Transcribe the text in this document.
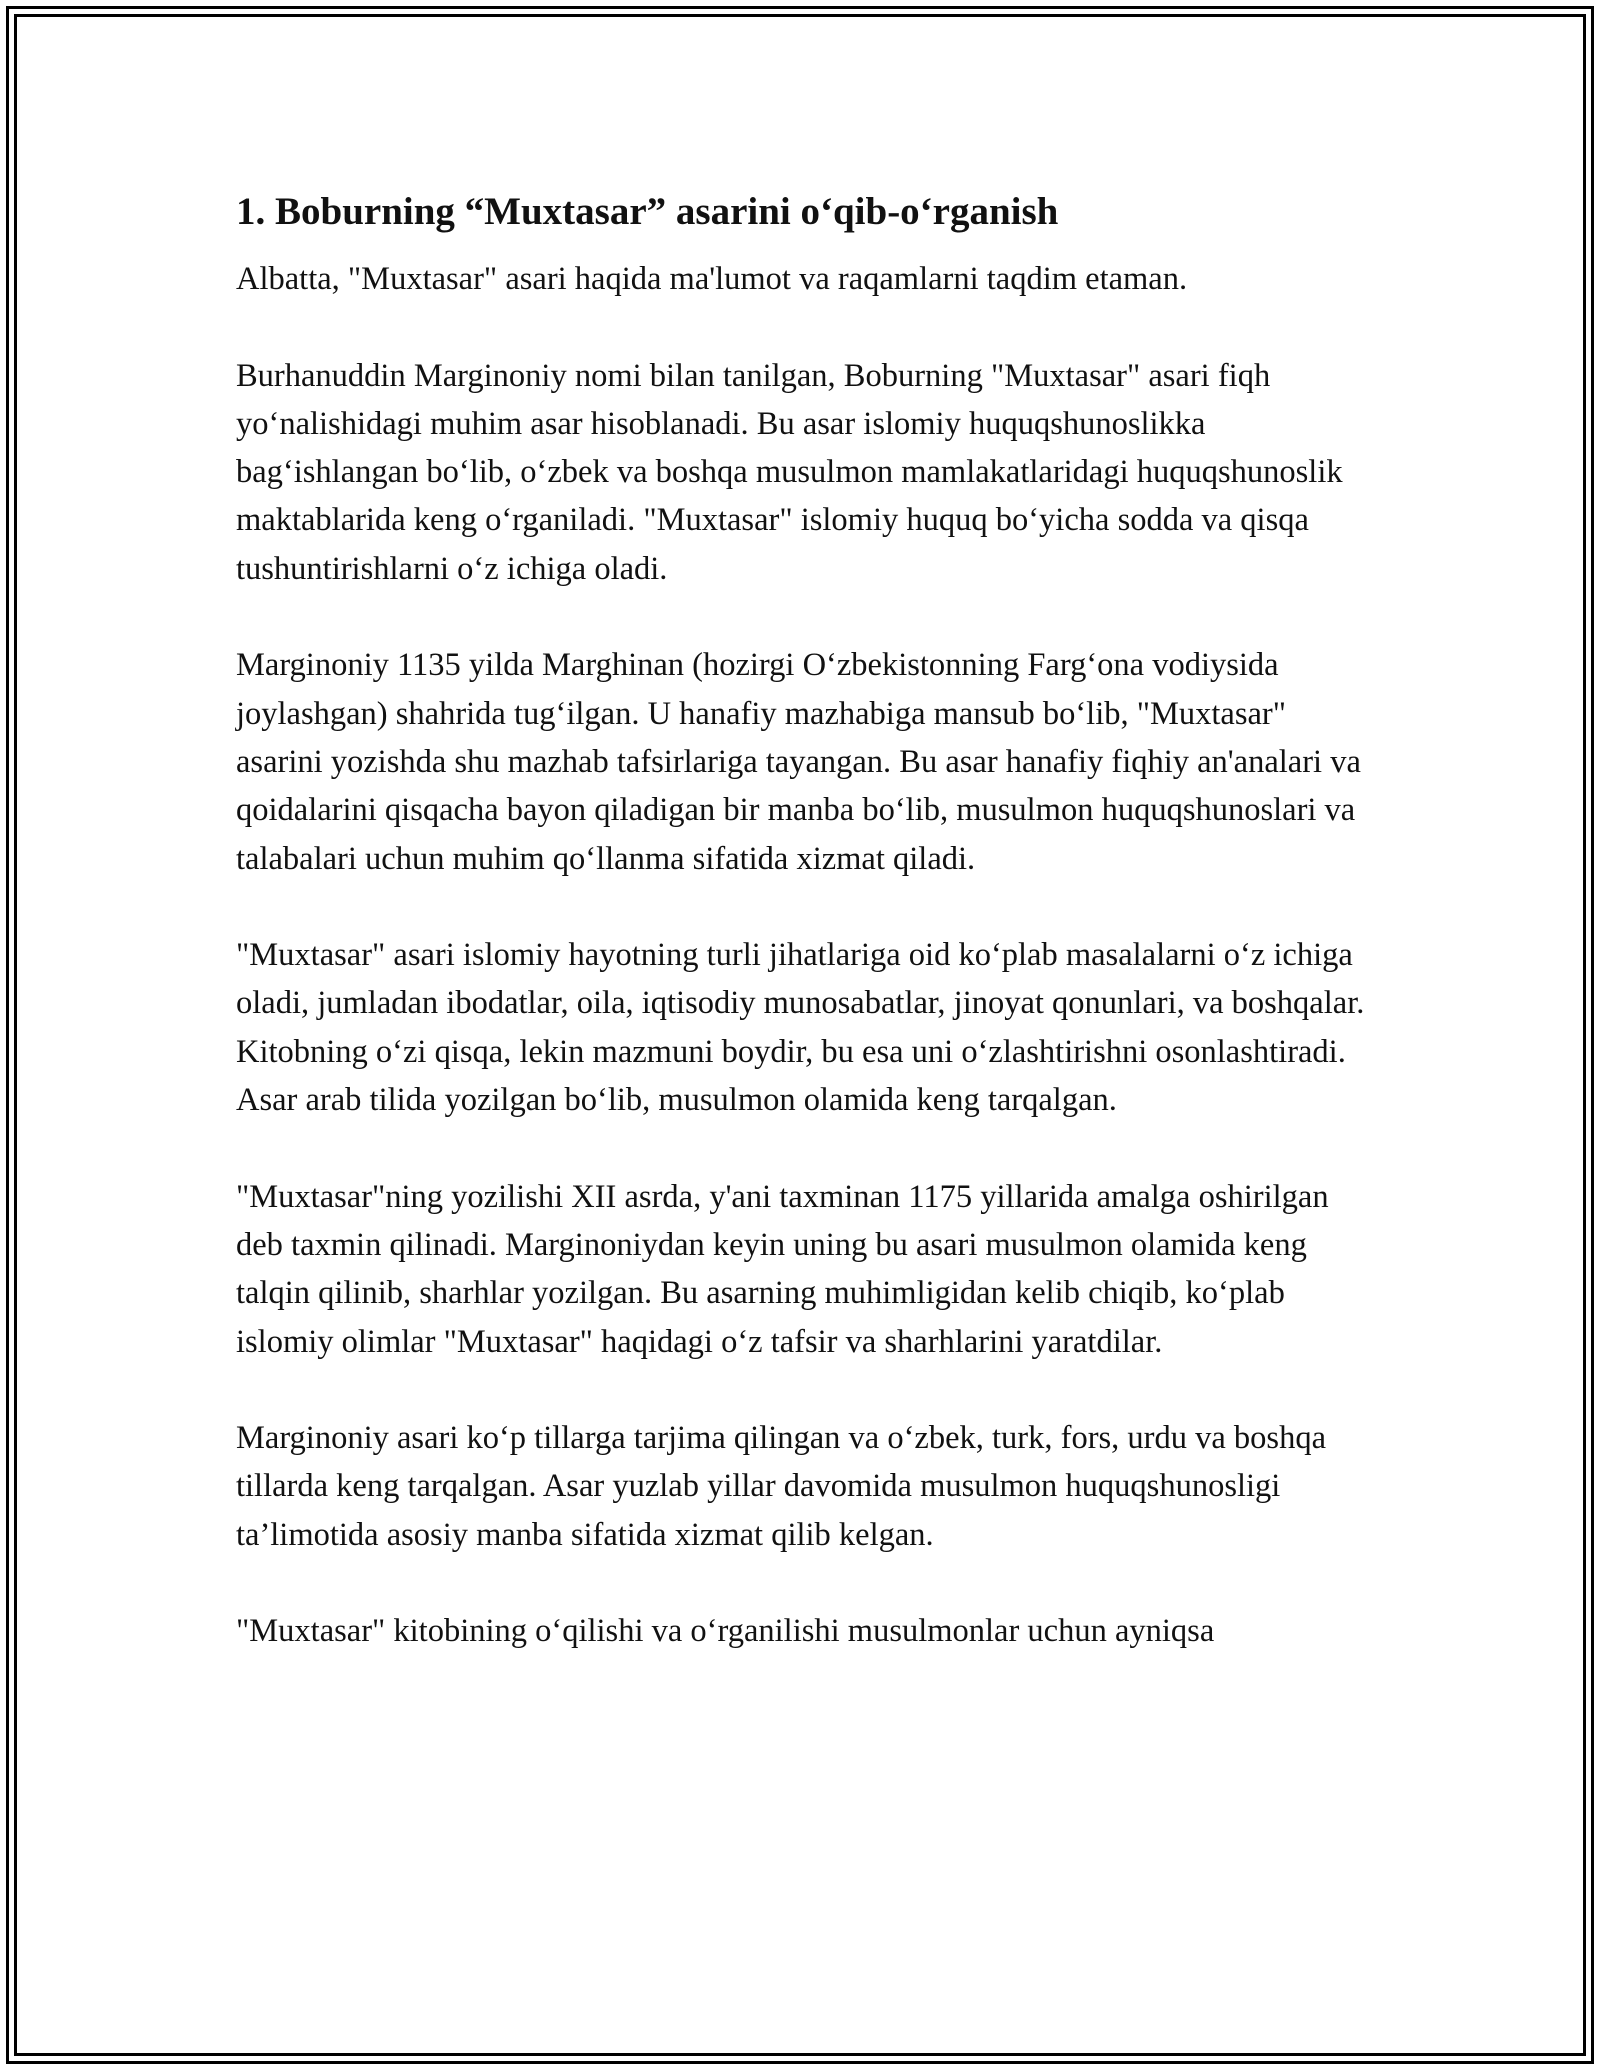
1. Boburning “Muxtasar” asarini o‘qib-o‘rganish

Albatta, "Muxtasar" asari haqida ma'lumot va raqamlarni taqdim etaman.

Burhanuddin Marginoniy nomi bilan tanilgan, Boburning "Muxtasar" asari fiqh yo‘nalishidagi muhim asar hisoblanadi. Bu asar islomiy huquqshunoslikka bag‘ishlangan bo‘lib, o‘zbek va boshqa musulmon mamlakatlaridagi huquqshunoslik maktablarida keng o‘rganiladi. "Muxtasar" islomiy huquq bo‘yicha sodda va qisqa tushuntirishlarni o‘z ichiga oladi.

Marginoniy 1135 yilda Marghinan (hozirgi O‘zbekistonning Farg‘ona vodiysida joylashgan) shahrida tug‘ilgan. U hanafiy mazhabiga mansub bo‘lib, "Muxtasar" asarini yozishda shu mazhab tafsirlariga tayangan. Bu asar hanafiy fiqhiy an'analari va qoidalarini qisqacha bayon qiladigan bir manba bo‘lib, musulmon huquqshunoslari va talabalari uchun muhim qo‘llanma sifatida xizmat qiladi.

"Muxtasar" asari islomiy hayotning turli jihatlariga oid ko‘plab masalalarni o‘z ichiga oladi, jumladan ibodatlar, oila, iqtisodiy munosabatlar, jinoyat qonunlari, va boshqalar. Kitobning o‘zi qisqa, lekin mazmuni boydir, bu esa uni o‘zlashtirishni osonlashtiradi. Asar arab tilida yozilgan bo‘lib, musulmon olamida keng tarqalgan.

"Muxtasar"ning yozilishi XII asrda, y'ani taxminan 1175 yillarida amalga oshirilgan deb taxmin qilinadi. Marginoniydan keyin uning bu asari musulmon olamida keng talqin qilinib, sharhlar yozilgan. Bu asarning muhimligidan kelib chiqib, ko‘plab islomiy olimlar "Muxtasar" haqidagi o‘z tafsir va sharhlarini yaratdilar.

Marginoniy asari ko‘p tillarga tarjima qilingan va o‘zbek, turk, fors, urdu va boshqa tillarda keng tarqalgan. Asar yuzlab yillar davomida musulmon huquqshunosligi ta’limotida asosiy manba sifatida xizmat qilib kelgan.

"Muxtasar" kitobining o‘qilishi va o‘rganilishi musulmonlar uchun ayniqsa
